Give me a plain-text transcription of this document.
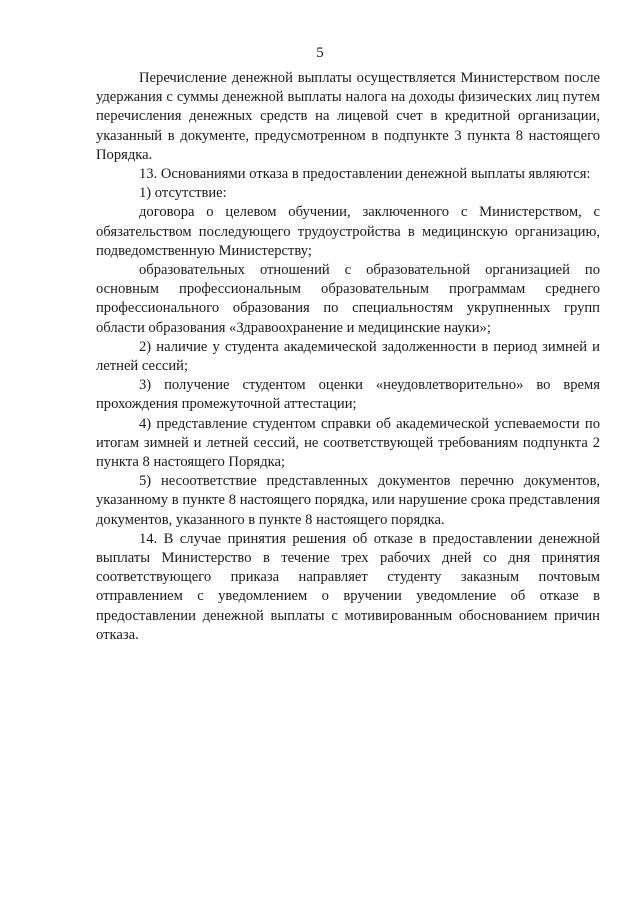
5

Перечисление денежной выплаты осуществляется Министерством после удержания с суммы денежной выплаты налога на доходы физических лиц путем перечисления денежных средств на лицевой счет в кредитной организации, указанный в документе, предусмотренном в подпункте 3 пункта 8 настоящего Порядка.

13. Основаниями отказа в предоставлении денежной выплаты являются:

1) отсутствие:

договора о целевом обучении, заключенного с Министерством, с обязательством последующего трудоустройства в медицинскую организацию, подведомственную Министерству;

образовательных отношений с образовательной организацией по основным профессиональным образовательным программам среднего профессионального образования по специальностям укрупненных групп области образования «Здравоохранение и медицинские науки»;

2) наличие у студента академической задолженности в период зимней и летней сессий;

3) получение студентом оценки «неудовлетворительно» во время прохождения промежуточной аттестации;

4) представление студентом справки об академической успеваемости по итогам зимней и летней сессий, не соответствующей требованиям подпункта 2 пункта 8 настоящего Порядка;

5) несоответствие представленных документов перечню документов, указанному в пункте 8 настоящего порядка, или нарушение срока представления документов, указанного в пункте 8 настоящего порядка.

14. В случае принятия решения об отказе в предоставлении денежной выплаты Министерство в течение трех рабочих дней со дня принятия соответствующего приказа направляет студенту заказным почтовым отправлением с уведомлением о вручении уведомление об отказе в предоставлении денежной выплаты с мотивированным обоснованием причин отказа.
